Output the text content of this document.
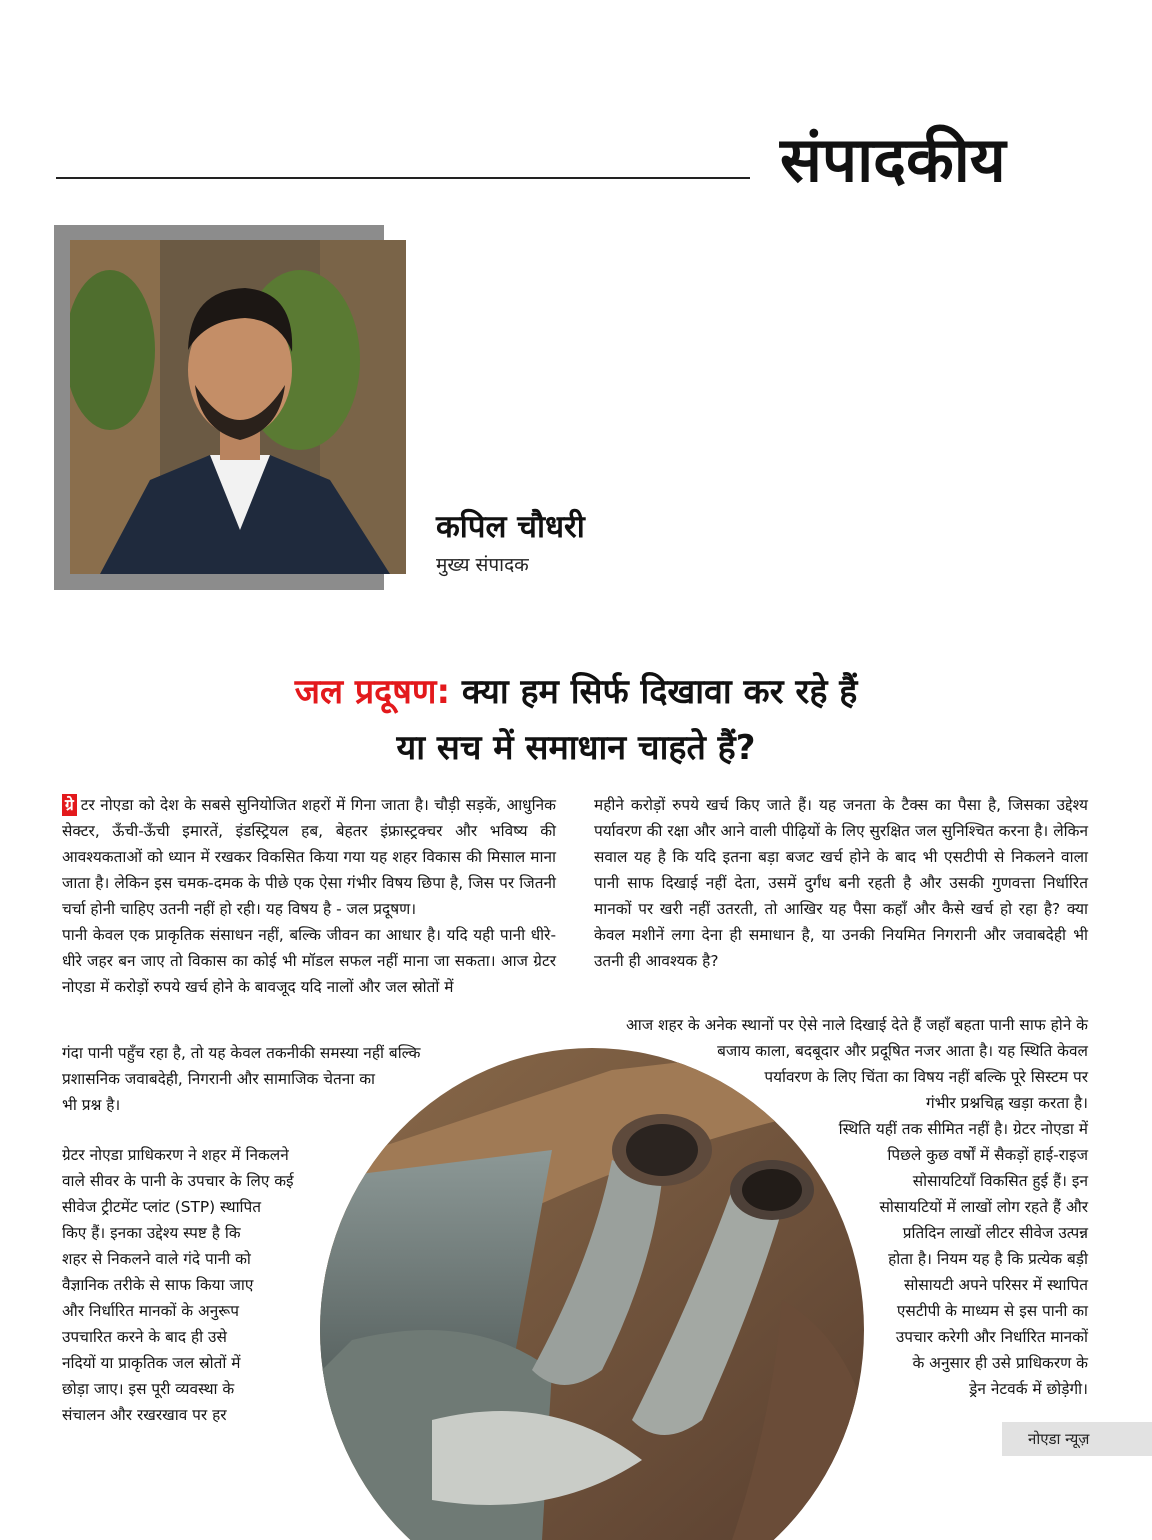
संपादकीय
कपिल चौधरी
मुख्य संपादक
जल प्रदूषण: क्या हम सिर्फ दिखावा कर रहे हैं
या सच में समाधान चाहते हैं?

ग्रे टर नोएडा को देश के सबसे सुनियोजित शहरों में गिना जाता है। चौड़ी सड़कें, आधुनिक सेक्टर, ऊँची-ऊँची इमारतें, इंडस्ट्रियल हब, बेहतर इंफ्रास्ट्रक्चर और भविष्य की आवश्यकताओं को ध्यान में रखकर विकसित किया गया यह शहर विकास की मिसाल माना जाता है। लेकिन इस चमक-दमक के पीछे एक ऐसा गंभीर विषय छिपा है, जिस पर जितनी चर्चा होनी चाहिए उतनी नहीं हो रही। यह विषय है - जल प्रदूषण।

पानी केवल एक प्राकृतिक संसाधन नहीं, बल्कि जीवन का आधार है। यदि यही पानी धीरे-धीरे जहर बन जाए तो विकास का कोई भी मॉडल सफल नहीं माना जा सकता। आज ग्रेटर नोएडा में करोड़ों रुपये खर्च होने के बावजूद यदि नालों और जल स्रोतों में

गंदा पानी पहुँच रहा है, तो यह केवल तकनीकी समस्या नहीं बल्कि
प्रशासनिक जवाबदेही, निगरानी और सामाजिक चेतना का
भी प्रश्न है।
ग्रेटर नोएडा प्राधिकरण ने शहर में निकलने
वाले सीवर के पानी के उपचार के लिए कई
सीवेज ट्रीटमेंट प्लांट (STP) स्थापित
किए हैं। इनका उद्देश्य स्पष्ट है कि
शहर से निकलने वाले गंदे पानी को
वैज्ञानिक तरीके से साफ किया जाए
और निर्धारित मानकों के अनुरूप
उपचारित करने के बाद ही उसे
नदियों या प्राकृतिक जल स्रोतों में
छोड़ा जाए। इस पूरी व्यवस्था के
संचालन और रखरखाव पर हर

महीने करोड़ों रुपये खर्च किए जाते हैं। यह जनता के टैक्स का पैसा है, जिसका उद्देश्य पर्यावरण की रक्षा और आने वाली पीढ़ियों के लिए सुरक्षित जल सुनिश्चित करना है। लेकिन सवाल यह है कि यदि इतना बड़ा बजट खर्च होने के बाद भी एसटीपी से निकलने वाला पानी साफ दिखाई नहीं देता, उसमें दुर्गंध बनी रहती है और उसकी गुणवत्ता निर्धारित मानकों पर खरी नहीं उतरती, तो आखिर यह पैसा कहाँ और कैसे खर्च हो रहा है? क्या केवल मशीनें लगा देना ही समाधान है, या उनकी नियमित निगरानी और जवाबदेही भी उतनी ही आवश्यक है?

आज शहर के अनेक स्थानों पर ऐसे नाले दिखाई देते हैं जहाँ बहता पानी साफ होने के
बजाय काला, बदबूदार और प्रदूषित नजर आता है। यह स्थिति केवल
पर्यावरण के लिए चिंता का विषय नहीं बल्कि पूरे सिस्टम पर
गंभीर प्रश्नचिह्न खड़ा करता है।
स्थिति यहीं तक सीमित नहीं है। ग्रेटर नोएडा में
पिछले कुछ वर्षों में सैकड़ों हाई-राइज
सोसायटियाँ विकसित हुई हैं। इन
सोसायटियों में लाखों लोग रहते हैं और
प्रतिदिन लाखों लीटर सीवेज उत्पन्न
होता है। नियम यह है कि प्रत्येक बड़ी
सोसायटी अपने परिसर में स्थापित
एसटीपी के माध्यम से इस पानी का
उपचार करेगी और निर्धारित मानकों
के अनुसार ही उसे प्राधिकरण के
ड्रेन नेटवर्क में छोड़ेगी।
नोएडा न्यूज़
